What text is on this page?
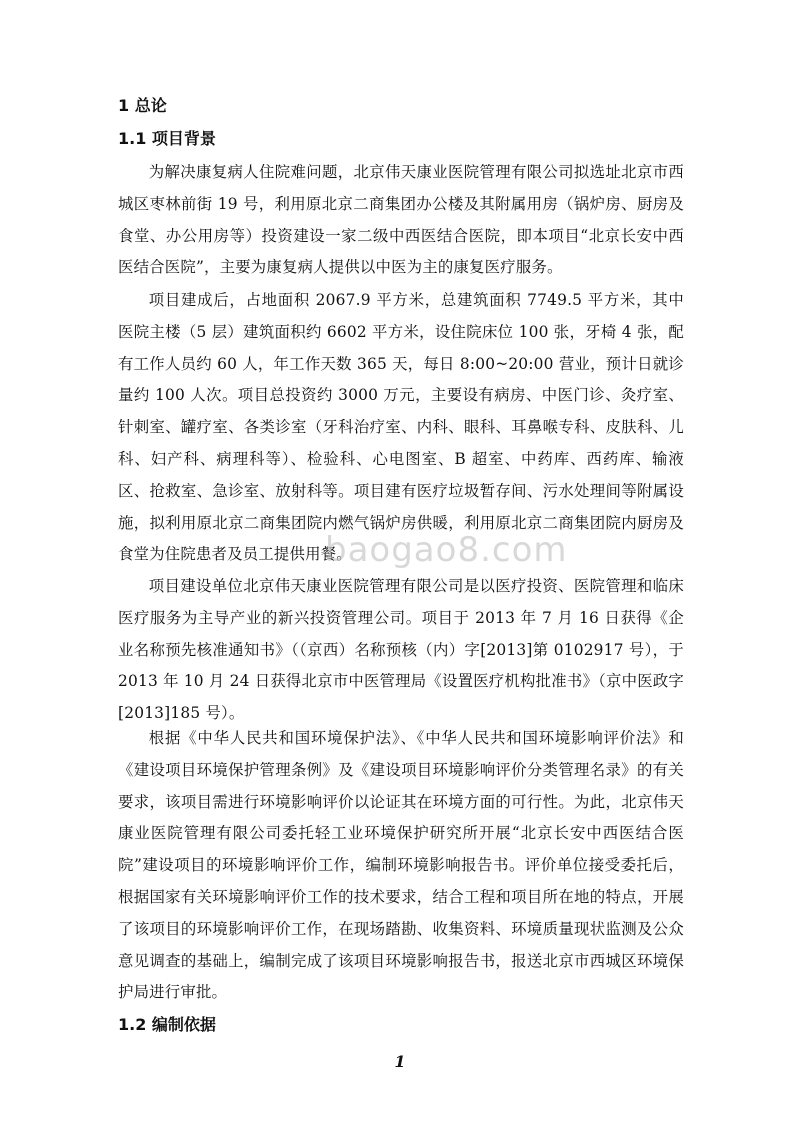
1 总论
1.1 项目背景

为解决康复病人住院难问题，北京伟天康业医院管理有限公司拟选址北京市西城区枣林前街 19 号，利用原北京二商集团办公楼及其附属用房（锅炉房、厨房及食堂、办公用房等）投资建设一家二级中西医结合医院，即本项目“北京长安中西医结合医院”，主要为康复病人提供以中医为主的康复医疗服务。

项目建成后，占地面积 2067.9 平方米，总建筑面积 7749.5 平方米，其中医院主楼（5 层）建筑面积约 6602 平方米，设住院床位 100 张，牙椅 4 张，配有工作人员约 60 人，年工作天数 365 天，每日 8:00~20:00 营业，预计日就诊量约 100 人次。项目总投资约 3000 万元，主要设有病房、中医门诊、灸疗室、针刺室、罐疗室、各类诊室（牙科治疗室、内科、眼科、耳鼻喉专科、皮肤科、儿科、妇产科、病理科等）、检验科、心电图室、B 超室、中药库、西药库、输液区、抢救室、急诊室、放射科等。项目建有医疗垃圾暂存间、污水处理间等附属设施，拟利用原北京二商集团院内燃气锅炉房供暖，利用原北京二商集团院内厨房及食堂为住院患者及员工提供用餐。

项目建设单位北京伟天康业医院管理有限公司是以医疗投资、医院管理和临床医疗服务为主导产业的新兴投资管理公司。项目于 2013 年 7 月 16 日获得《企业名称预先核准通知书》（（京西）名称预核（内）字[2013]第 0102917 号），于 2013 年 10 月 24 日获得北京市中医管理局《设置医疗机构批准书》（京中医政字[2013]185 号）。

根据《中华人民共和国环境保护法》、《中华人民共和国环境影响评价法》和《建设项目环境保护管理条例》及《建设项目环境影响评价分类管理名录》的有关要求，该项目需进行环境影响评价以论证其在环境方面的可行性。为此，北京伟天康业医院管理有限公司委托轻工业环境保护研究所开展“北京长安中西医结合医院”建设项目的环境影响评价工作，编制环境影响报告书。评价单位接受委托后，根据国家有关环境影响评价工作的技术要求，结合工程和项目所在地的特点，开展了该项目的环境影响评价工作，在现场踏勘、收集资料、环境质量现状监测及公众意见调查的基础上，编制完成了该项目环境影响报告书，报送北京市西城区环境保护局进行审批。

1.2 编制依据
baogao8.com
1
